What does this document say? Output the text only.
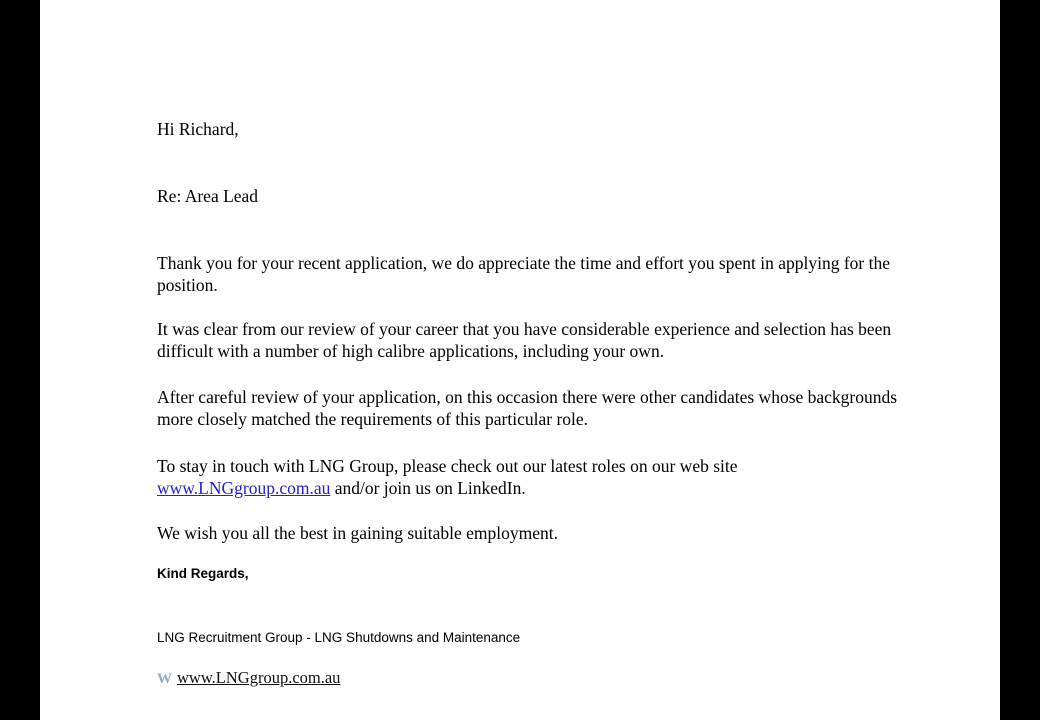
Hi Richard,
Re: Area Lead

Thank you for your recent application, we do appreciate the time and effort you spent in applying for the position.

It was clear from our review of your career that you have considerable experience and selection has been difficult with a number of high calibre applications, including your own.

After careful review of your application, on this occasion there were other candidates whose backgrounds more closely matched the requirements of this particular role.

To stay in touch with LNG Group, please check out our latest roles on our web site www.LNGgroup.com.au and/or join us on LinkedIn.

We wish you all the best in gaining suitable employment.

Kind Regards,
LNG Recruitment Group - LNG Shutdowns and Maintenance
W www.LNGgroup.com.au
